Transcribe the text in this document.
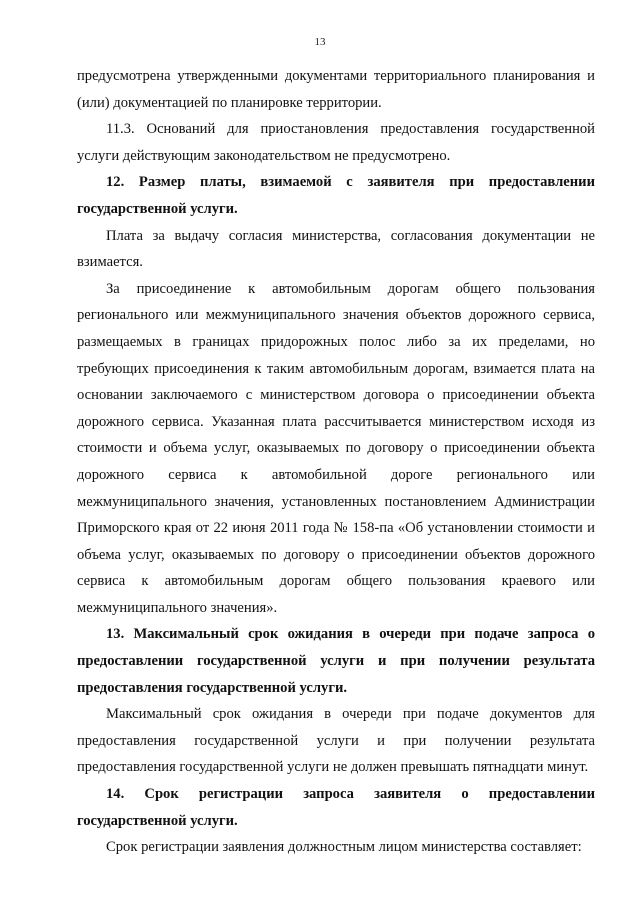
13

предусмотрена утвержденными документами территориального планирования и (или) документацией по планировке территории.

11.3. Оснований для приостановления предоставления государственной услуги действующим законодательством не предусмотрено.

12. Размер платы, взимаемой с заявителя при предоставлении государственной услуги.

Плата за выдачу согласия министерства, согласования документации не взимается.

За присоединение к автомобильным дорогам общего пользования регионального или межмуниципального значения объектов дорожного сервиса, размещаемых в границах придорожных полос либо за их пределами, но требующих присоединения к таким автомобильным дорогам, взимается плата на основании заключаемого с министерством договора о присоединении объекта дорожного сервиса. Указанная плата рассчитывается министерством исходя из стоимости и объема услуг, оказываемых по договору о присоединении объекта дорожного сервиса к автомобильной дороге регионального или межмуниципального значения, установленных постановлением Администрации Приморского края от 22 июня 2011 года № 158-па «Об установлении стоимости и объема услуг, оказываемых по договору о присоединении объектов дорожного сервиса к автомобильным дорогам общего пользования краевого или межмуниципального значения».

13. Максимальный срок ожидания в очереди при подаче запроса о предоставлении государственной услуги и при получении результата предоставления государственной услуги.

Максимальный срок ожидания в очереди при подаче документов для предоставления государственной услуги и при получении результата предоставления государственной услуги не должен превышать пятнадцати минут.

14. Срок регистрации запроса заявителя о предоставлении государственной услуги.

Срок регистрации заявления должностным лицом министерства составляет:
